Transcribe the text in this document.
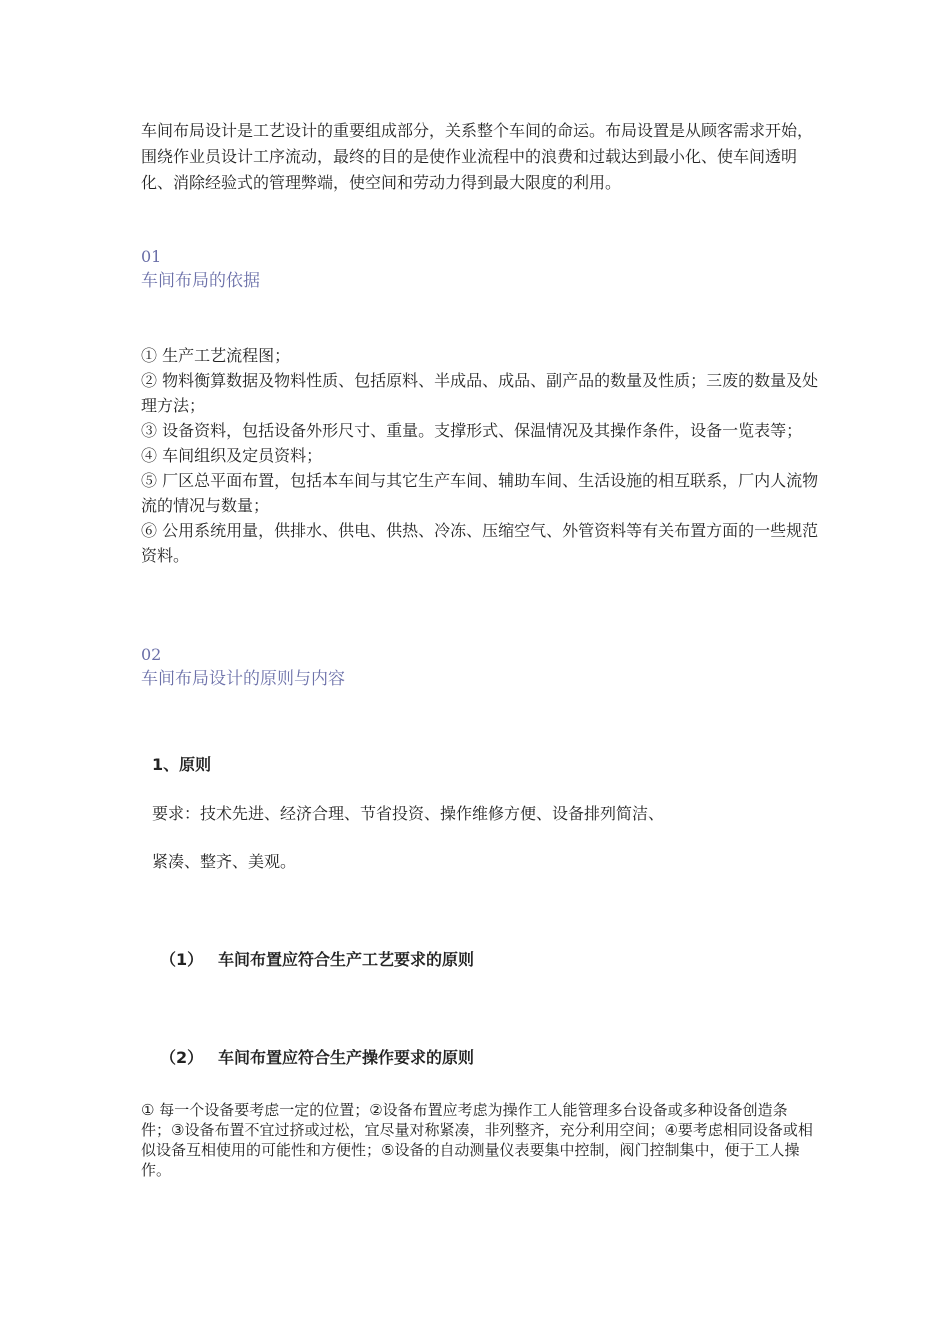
车间布局设计是工艺设计的重要组成部分，关系整个车间的命运。布局设置是从顾客需求开始，围绕作业员设计工序流动，最终的目的是使作业流程中的浪费和过载达到最小化、使车间透明化、消除经验式的管理弊端，使空间和劳动力得到最大限度的利用。

01
车间布局的依据
① 生产工艺流程图；
② 物料衡算数据及物料性质、包括原料、半成品、成品、副产品的数量及性质；三废的数量及处理方法；
③ 设备资料，包括设备外形尺寸、重量。支撑形式、保温情况及其操作条件，设备一览表等；
④ 车间组织及定员资料；
⑤ 厂区总平面布置，包括本车间与其它生产车间、辅助车间、生活设施的相互联系，厂内人流物流的情况与数量；
⑥ 公用系统用量，供排水、供电、供热、冷冻、压缩空气、外管资料等有关布置方面的一些规范资料。
02
车间布局设计的原则与内容
1、原则
要求：技术先进、经济合理、节省投资、操作维修方便、设备排列简洁、
紧凑、整齐、美观。
（1） 车间布置应符合生产工艺要求的原则
（2） 车间布置应符合生产操作要求的原则

① 每一个设备要考虑一定的位置；②设备布置应考虑为操作工人能管理多台设备或多种设备创造条件；③设备布置不宜过挤或过松，宜尽量对称紧凑，非列整齐，充分利用空间；④要考虑相同设备或相似设备互相使用的可能性和方便性；⑤设备的自动测量仪表要集中控制，阀门控制集中，便于工人操作。
